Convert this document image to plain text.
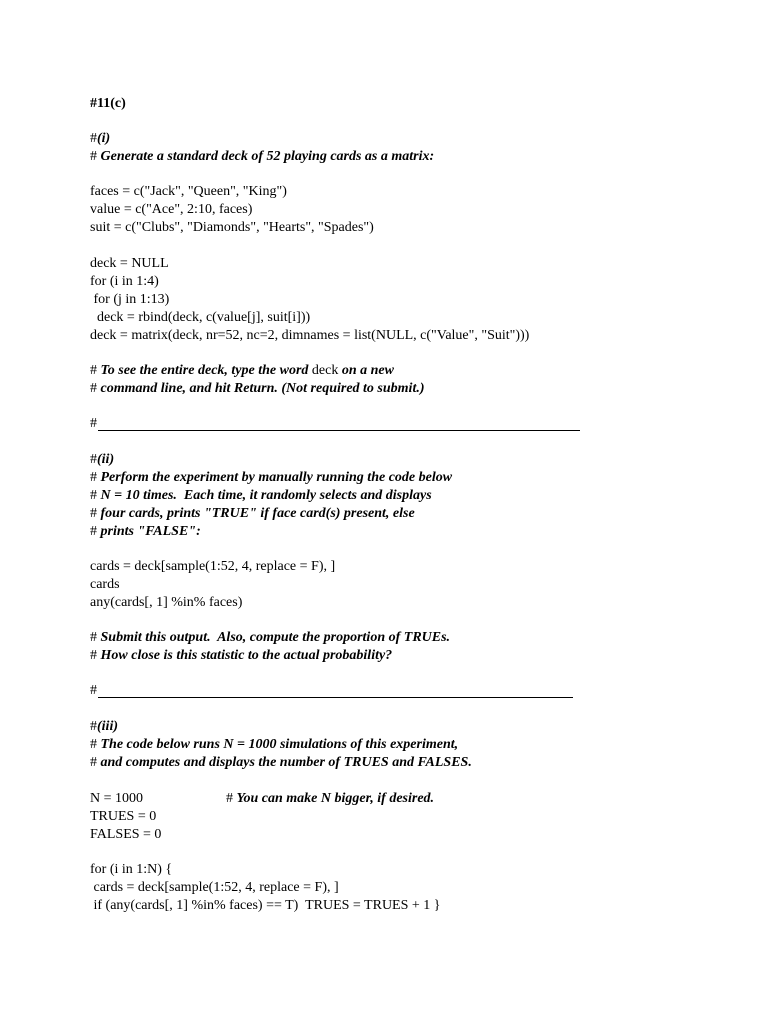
#11(c)
#(i)
# Generate a standard deck of 52 playing cards as a matrix:
faces = c("Jack", "Queen", "King")
value = c("Ace", 2:10, faces)
suit = c("Clubs", "Diamonds", "Hearts", "Spades")
deck = NULL
for (i in 1:4)
for (j in 1:13)
deck = rbind(deck, c(value[j], suit[i]))
deck = matrix(deck, nr=52, nc=2, dimnames = list(NULL, c("Value", "Suit")))
# To see the entire deck, type the word deck on a new
# command line, and hit Return. (Not required to submit.)
#
#(ii)
# Perform the experiment by manually running the code below
# N = 10 times.  Each time, it randomly selects and displays
# four cards, prints "TRUE" if face card(s) present, else
# prints "FALSE":
cards = deck[sample(1:52, 4, replace = F), ]
cards
any(cards[, 1] %in% faces)
# Submit this output.  Also, compute the proportion of TRUEs.
# How close is this statistic to the actual probability?
#
#(iii)
# The code below runs N = 1000 simulations of this experiment,
# and computes and displays the number of TRUES and FALSES.
N = 1000	# You can make N bigger, if desired.
TRUES = 0
FALSES = 0
for (i in 1:N) {
cards = deck[sample(1:52, 4, replace = F), ]
if (any(cards[, 1] %in% faces) == T)  TRUES = TRUES + 1 }
